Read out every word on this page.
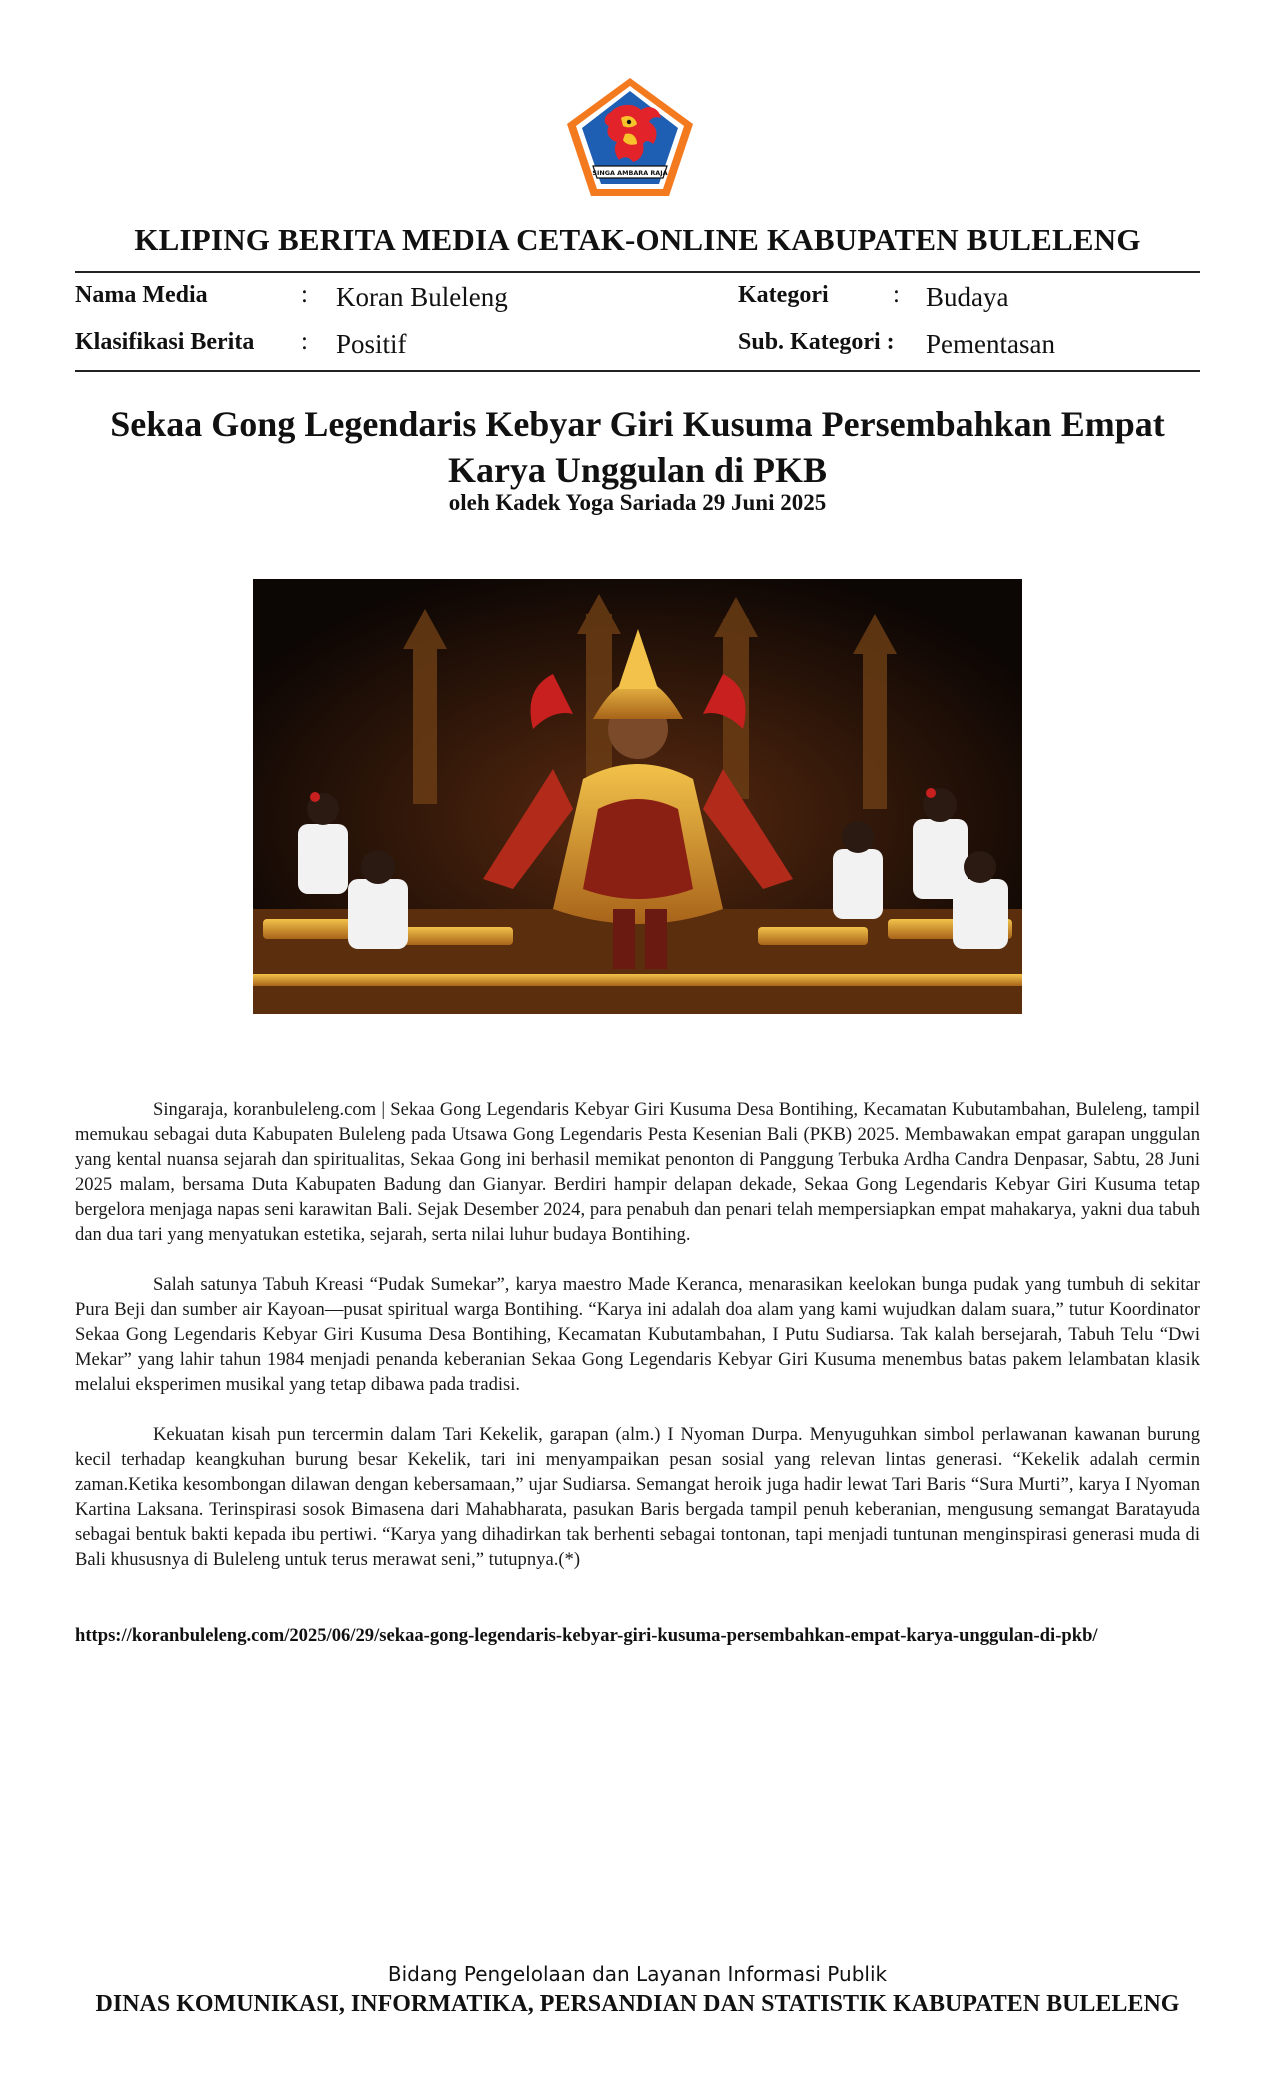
SINGA AMBARA RAJA
KLIPING BERITA MEDIA CETAK-ONLINE KABUPATEN BULELENG
Nama Media	: Koran Buleleng
Klasifikasi Berita : Positif
Kategori	: Budaya
Sub. Kategori : Pementasan
Sekaa Gong Legendaris Kebyar Giri Kusuma Persembahkan Empat Karya Unggulan di PKB
oleh Kadek Yoga Sariada 29 Juni 2025

Singaraja, koranbuleleng.com | Sekaa Gong Legendaris Kebyar Giri Kusuma Desa Bontihing, Kecamatan Kubutambahan, Buleleng, tampil memukau sebagai duta Kabupaten Buleleng pada Utsawa Gong Legendaris Pesta Kesenian Bali (PKB) 2025. Membawakan empat garapan unggulan yang kental nuansa sejarah dan spiritualitas, Sekaa Gong ini berhasil memikat penonton di Panggung Terbuka Ardha Candra Denpasar, Sabtu, 28 Juni 2025 malam, bersama Duta Kabupaten Badung dan Gianyar. Berdiri hampir delapan dekade, Sekaa Gong Legendaris Kebyar Giri Kusuma tetap bergelora menjaga napas seni karawitan Bali. Sejak Desember 2024, para penabuh dan penari telah mempersiapkan empat mahakarya, yakni dua tabuh dan dua tari yang menyatukan estetika, sejarah, serta nilai luhur budaya Bontihing.

Salah satunya Tabuh Kreasi “Pudak Sumekar”, karya maestro Made Keranca, menarasikan keelokan bunga pudak yang tumbuh di sekitar Pura Beji dan sumber air Kayoan—pusat spiritual warga Bontihing. “Karya ini adalah doa alam yang kami wujudkan dalam suara,” tutur Koordinator Sekaa Gong Legendaris Kebyar Giri Kusuma Desa Bontihing, Kecamatan Kubutambahan, I Putu Sudiarsa. Tak kalah bersejarah, Tabuh Telu “Dwi Mekar” yang lahir tahun 1984 menjadi penanda keberanian Sekaa Gong Legendaris Kebyar Giri Kusuma menembus batas pakem lelambatan klasik melalui eksperimen musikal yang tetap dibawa pada tradisi.

Kekuatan kisah pun tercermin dalam Tari Kekelik, garapan (alm.) I Nyoman Durpa. Menyuguhkan simbol perlawanan kawanan burung kecil terhadap keangkuhan burung besar Kekelik, tari ini menyampaikan pesan sosial yang relevan lintas generasi. “Kekelik adalah cermin zaman.Ketika kesombongan dilawan dengan kebersamaan,” ujar Sudiarsa. Semangat heroik juga hadir lewat Tari Baris “Sura Murti”, karya I Nyoman Kartina Laksana. Terinspirasi sosok Bimasena dari Mahabharata, pasukan Baris bergada tampil penuh keberanian, mengusung semangat Baratayuda sebagai bentuk bakti kepada ibu pertiwi. “Karya yang dihadirkan tak berhenti sebagai tontonan, tapi menjadi tuntunan menginspirasi generasi muda di Bali khususnya di Buleleng untuk terus merawat seni,” tutupnya.(*)

https://koranbuleleng.com/2025/06/29/sekaa-gong-legendaris-kebyar-giri-kusuma-persembahkan-empat-karya-unggulan-di-pkb/
Bidang Pengelolaan dan Layanan Informasi Publik
DINAS KOMUNIKASI, INFORMATIKA, PERSANDIAN DAN STATISTIK KABUPATEN BULELENG
